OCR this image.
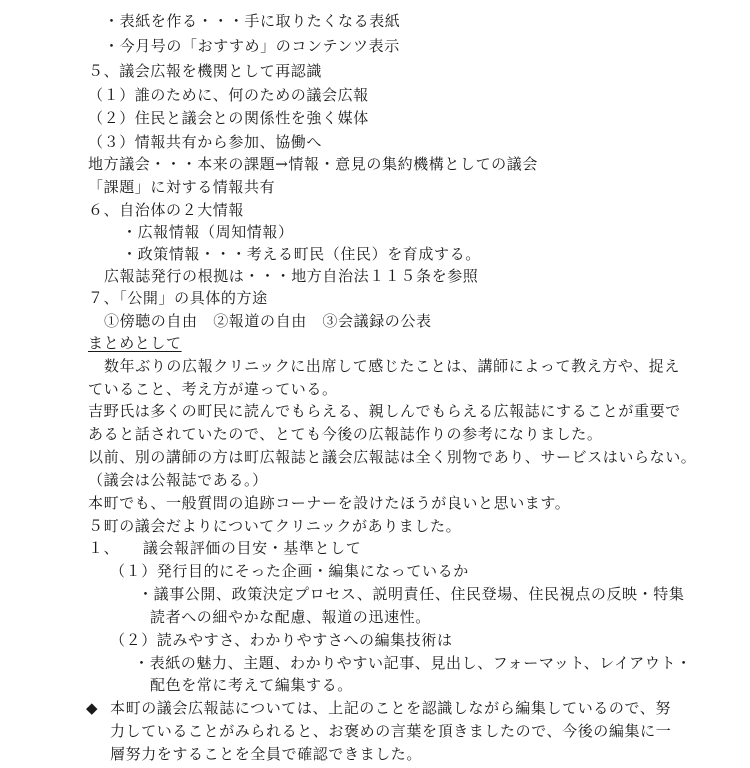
・表紙を作る・・・手に取りたくなる表紙
・今月号の「おすすめ」のコンテンツ表示
５、議会広報を機関として再認識
（１）誰のために、何のための議会広報
（２）住民と議会との関係性を強く媒体
（３）情報共有から参加、協働へ
地方議会・・・本来の課題→情報・意見の集約機構としての議会
「課題」に対する情報共有
６、自治体の２大情報
・広報情報（周知情報）
・政策情報・・・考える町民（住民）を育成する。
広報誌発行の根拠は・・・地方自治法１１５条を参照
７、「公開」の具体的方途
①傍聴の自由　②報道の自由　③会議録の公表
まとめとして
数年ぶりの広報クリニックに出席して感じたことは、講師によって教え方や、捉え
ていること、考え方が違っている。
吉野氏は多くの町民に読んでもらえる、親しんでもらえる広報誌にすることが重要で
あると話されていたので、とても今後の広報誌作りの参考になりました。
以前、別の講師の方は町広報誌と議会広報誌は全く別物であり、サービスはいらない。
（議会は公報誌である。）
本町でも、一般質問の追跡コーナーを設けたほうが良いと思います。
５町の議会だよりについてクリニックがありました。
１、　　議会報評価の目安・基準として
（１）発行目的にそった企画・編集になっているか
・議事公開、政策決定プロセス、説明責任、住民登場、住民視点の反映・特集
読者への細やかな配慮、報道の迅速性。
（２）読みやすさ、わかりやすさへの編集技術は
・表紙の魅力、主題、わかりやすい記事、見出し、フォーマット、レイアウト・
配色を常に考えて編集する。
◆ 本町の議会広報誌については、上記のことを認識しながら編集しているので、努
力していることがみられると、お褒めの言葉を頂きましたので、今後の編集に一
層努力をすることを全員で確認できました。
